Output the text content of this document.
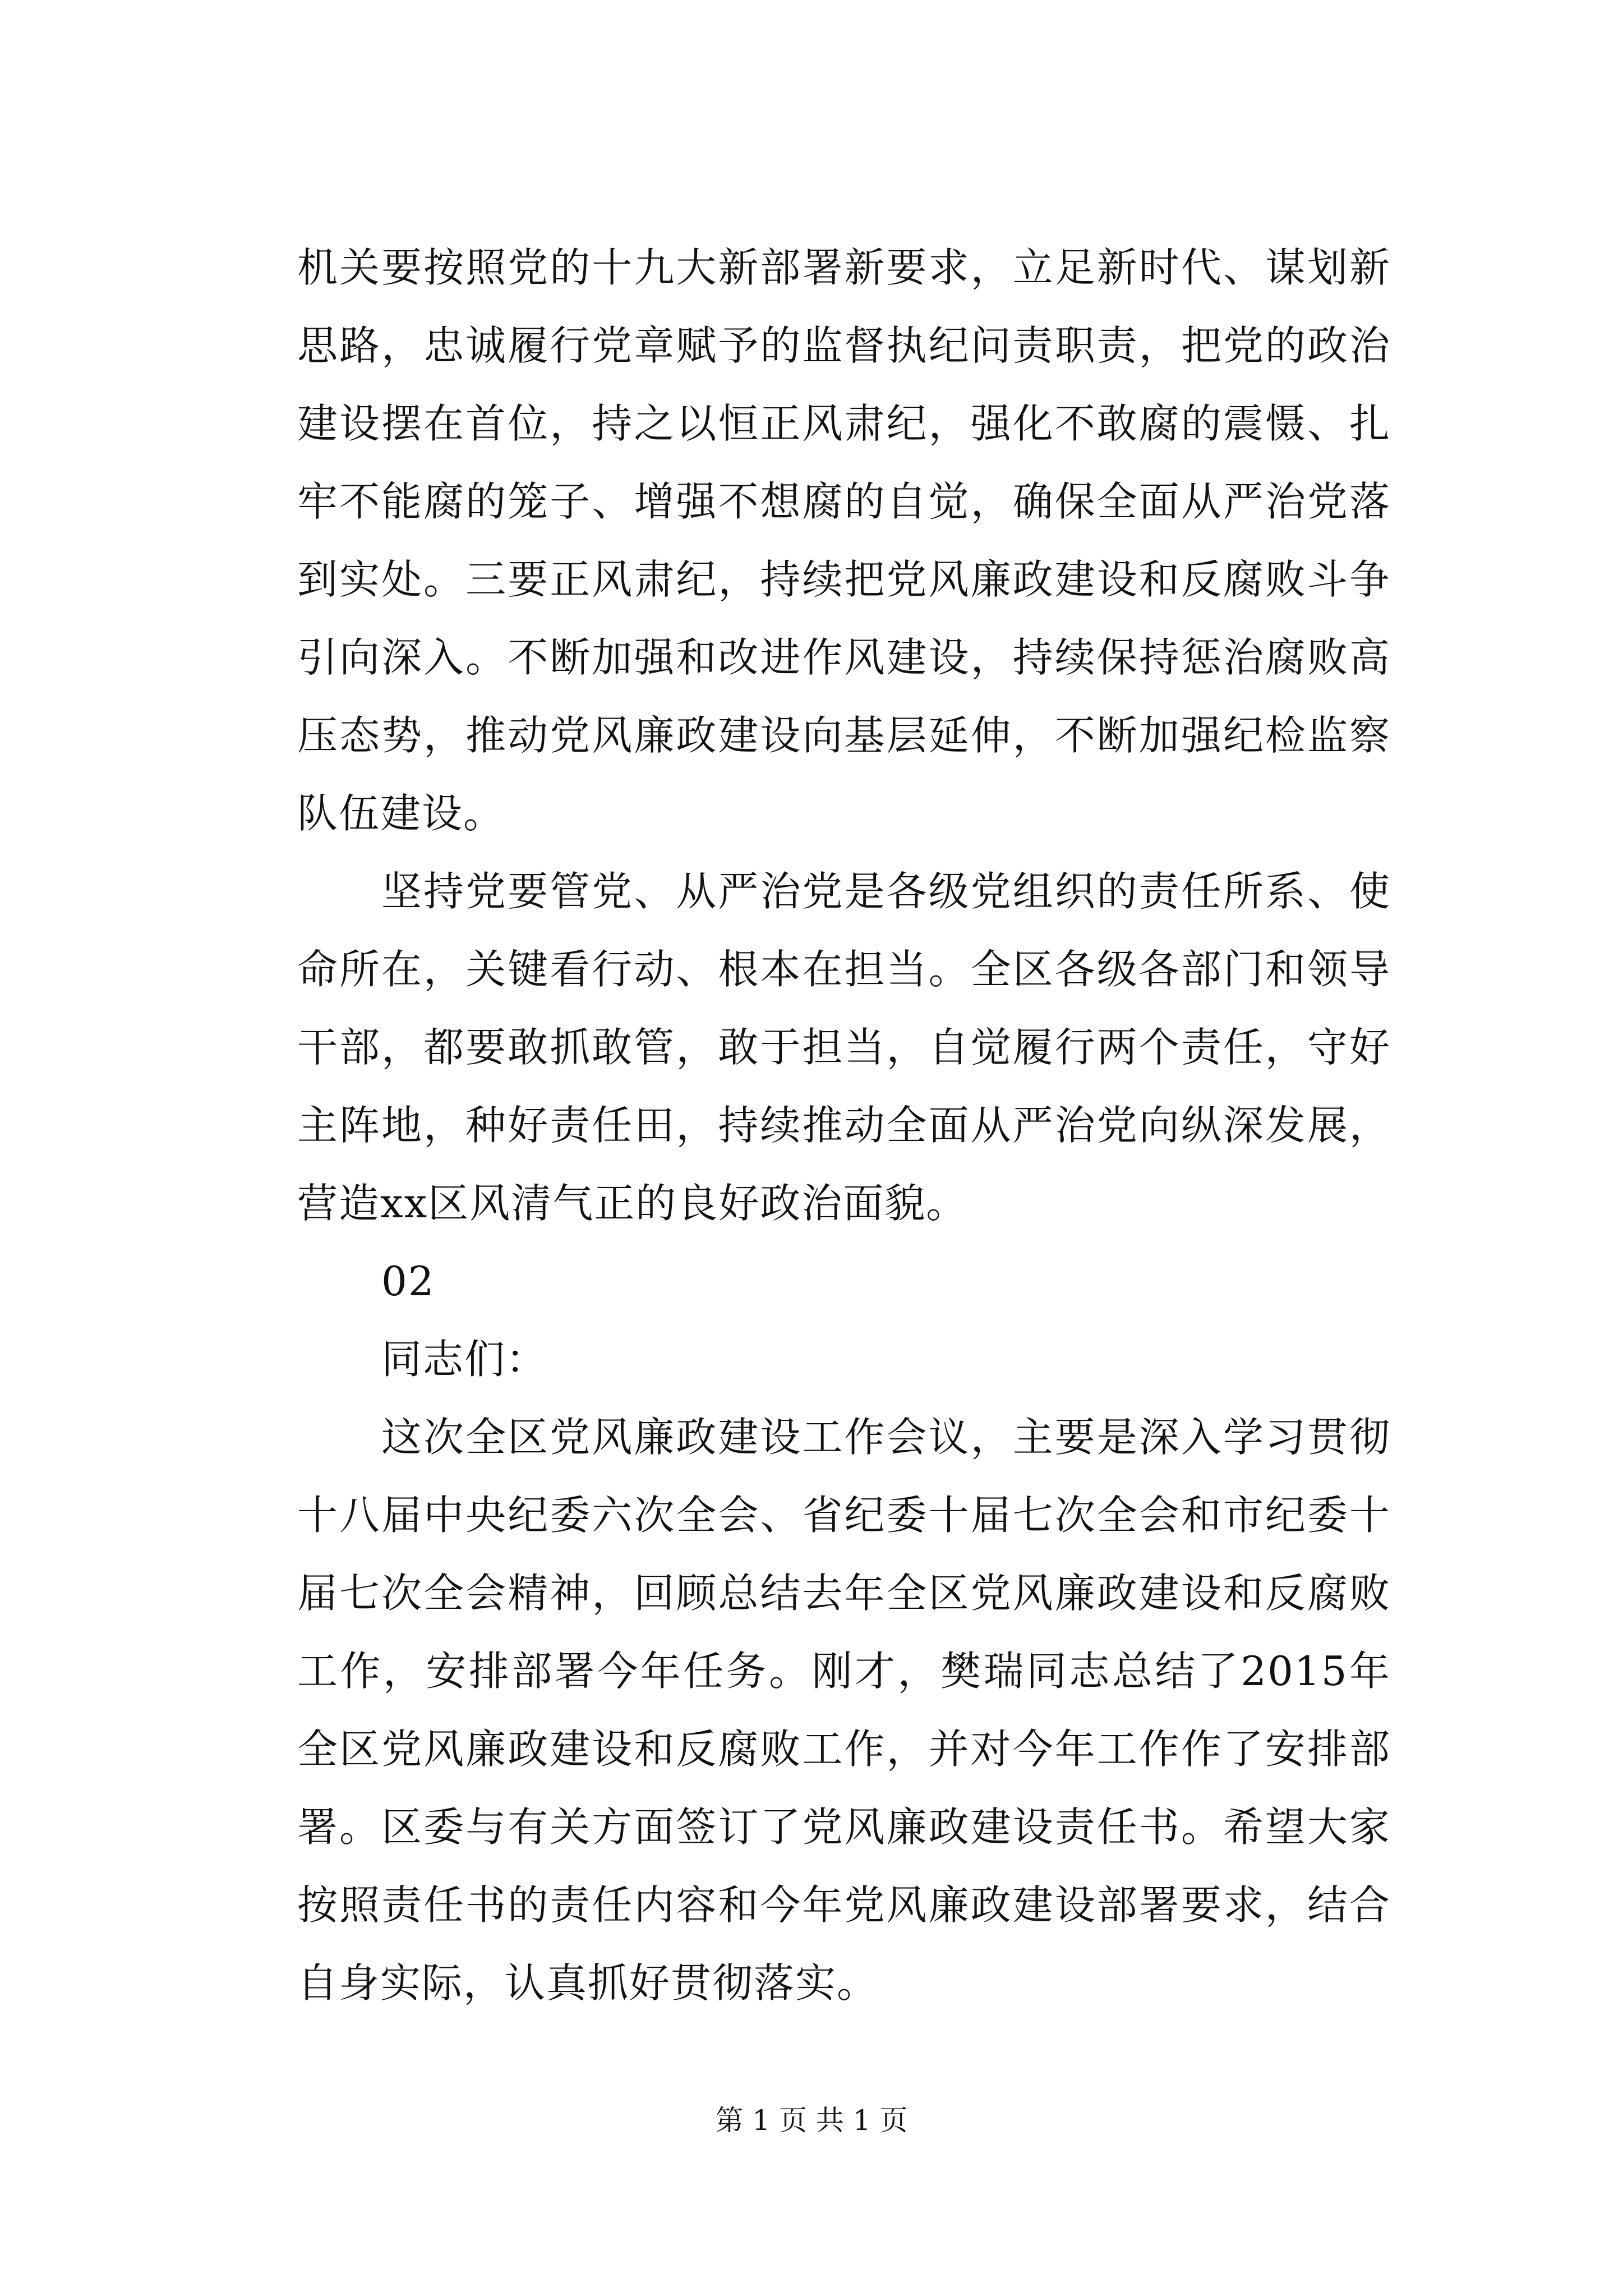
机关要按照党的十九大新部署新要求，立足新时代、谋划新思路，忠诚履行党章赋予的监督执纪问责职责，把党的政治建设摆在首位，持之以恒正风肃纪，强化不敢腐的震慑、扎牢不能腐的笼子、增强不想腐的自觉，确保全面从严治党落到实处。三要正风肃纪，持续把党风廉政建设和反腐败斗争引向深入。不断加强和改进作风建设，持续保持惩治腐败高压态势，推动党风廉政建设向基层延伸，不断加强纪检监察队伍建设。

坚持党要管党、从严治党是各级党组织的责任所系、使命所在，关键看行动、根本在担当。全区各级各部门和领导干部，都要敢抓敢管，敢于担当，自觉履行两个责任，守好主阵地，种好责任田，持续推动全面从严治党向纵深发展，营造xx区风清气正的良好政治面貌。

02

同志们：

这次全区党风廉政建设工作会议，主要是深入学习贯彻十八届中央纪委六次全会、省纪委十届七次全会和市纪委十届七次全会精神，回顾总结去年全区党风廉政建设和反腐败工作，安排部署今年任务。刚才，樊瑞同志总结了2015年全区党风廉政建设和反腐败工作，并对今年工作作了安排部署。区委与有关方面签订了党风廉政建设责任书。希望大家按照责任书的责任内容和今年党风廉政建设部署要求，结合自身实际，认真抓好贯彻落实。

第 1 页 共 1 页
